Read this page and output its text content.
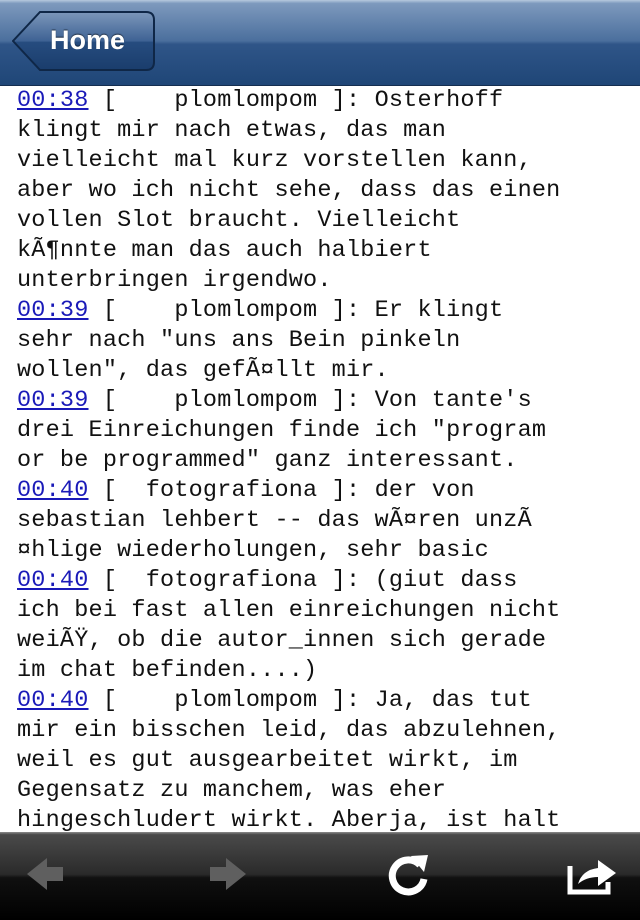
Home
00:38 [    plomlompom ]: Osterhoff
klingt mir nach etwas, das man
vielleicht mal kurz vorstellen kann,
aber wo ich nicht sehe, dass das einen
vollen Slot braucht. Vielleicht
kÃ¶nnte man das auch halbiert
unterbringen irgendwo.
00:39 [    plomlompom ]: Er klingt
sehr nach "uns ans Bein pinkeln
wollen", das gefÃ¤llt mir.
00:39 [    plomlompom ]: Von tante's
drei Einreichungen finde ich "program
or be programmed" ganz interessant.
00:40 [  fotografiona ]: der von
sebastian lehbert -- das wÃ¤ren unzÃ
¤hlige wiederholungen, sehr basic
00:40 [  fotografiona ]: (giut dass
ich bei fast allen einreichungen nicht
weiÃŸ, ob die autor_innen sich gerade
im chat befinden....)
00:40 [    plomlompom ]: Ja, das tut
mir ein bisschen leid, das abzulehnen,
weil es gut ausgearbeitet wirkt, im
Gegensatz zu manchem, was eher
hingeschludert wirkt. Aberja, ist halt
